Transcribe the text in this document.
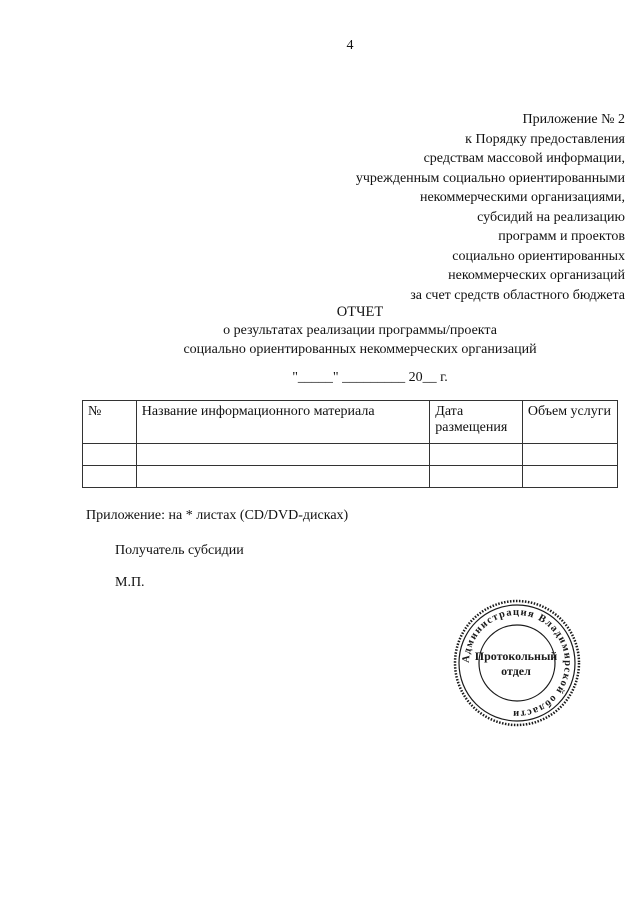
4
Приложение № 2
к Порядку предоставления
средствам массовой информации,
учрежденным социально ориентированными
некоммерческими организациями,
субсидий на реализацию
программ и проектов
социально ориентированных
некоммерческих организаций
за счет средств областного бюджета
ОТЧЕТ
о результатах реализации программы/проекта
социально ориентированных некоммерческих организаций
"_____" _________ 20__ г.
№	Название информационного материала	Дата размещения	Объем услуги

Приложение: на * листах (CD/DVD-дисках)
Получатель субсидии
М.П.
Администрация Владимирской области
Протокольный
отдел
